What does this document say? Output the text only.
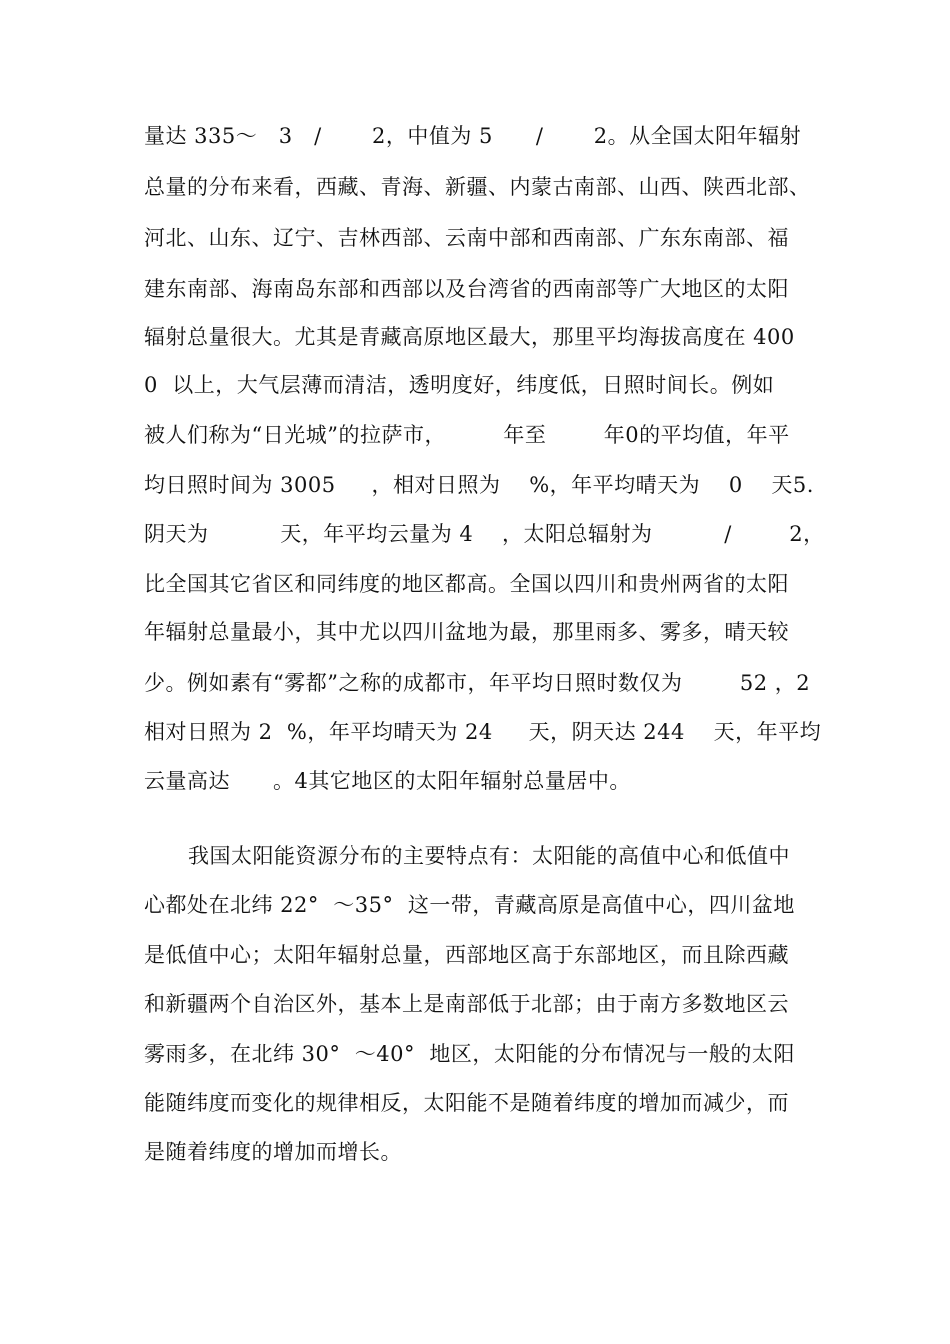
量达 335～   3   /       2，中值为 5      /       2。从全国太阳年辐射
总量的分布来看，西藏、青海、新疆、内蒙古南部、山西、陕西北部、
河北、山东、辽宁、吉林西部、云南中部和西南部、广东东南部、福
建东南部、海南岛东部和西部以及台湾省的西南部等广大地区的太阳
辐射总量很大。尤其是青藏高原地区最大，那里平均海拔高度在 400
0  以上，大气层薄而清洁，透明度好，纬度低，日照时间长。例如
被人们称为“日光城”的拉萨市，        年至        年0的平均值，年平
均日照时间为 3005     ，相对日照为    %，年平均晴天为    0    天5.
阴天为          天，年平均云量为 4    ，太阳总辐射为          /        2，
比全国其它省区和同纬度的地区都高。全国以四川和贵州两省的太阳
年辐射总量最小，其中尤以四川盆地为最，那里雨多、雾多，晴天较
少。例如素有“雾都”之称的成都市，年平均日照时数仅为        52 ，2
相对日照为 2  %，年平均晴天为 24     天，阴天达 244    天，年平均
云量高达      。4其它地区的太阳年辐射总量居中。
我国太阳能资源分布的主要特点有：太阳能的高值中心和低值中
心都处在北纬 22°  ～35°  这一带，青藏高原是高值中心，四川盆地
是低值中心；太阳年辐射总量，西部地区高于东部地区，而且除西藏
和新疆两个自治区外，基本上是南部低于北部；由于南方多数地区云
雾雨多，在北纬 30°  ～40°  地区，太阳能的分布情况与一般的太阳
能随纬度而变化的规律相反，太阳能不是随着纬度的增加而减少，而
是随着纬度的增加而增长。
